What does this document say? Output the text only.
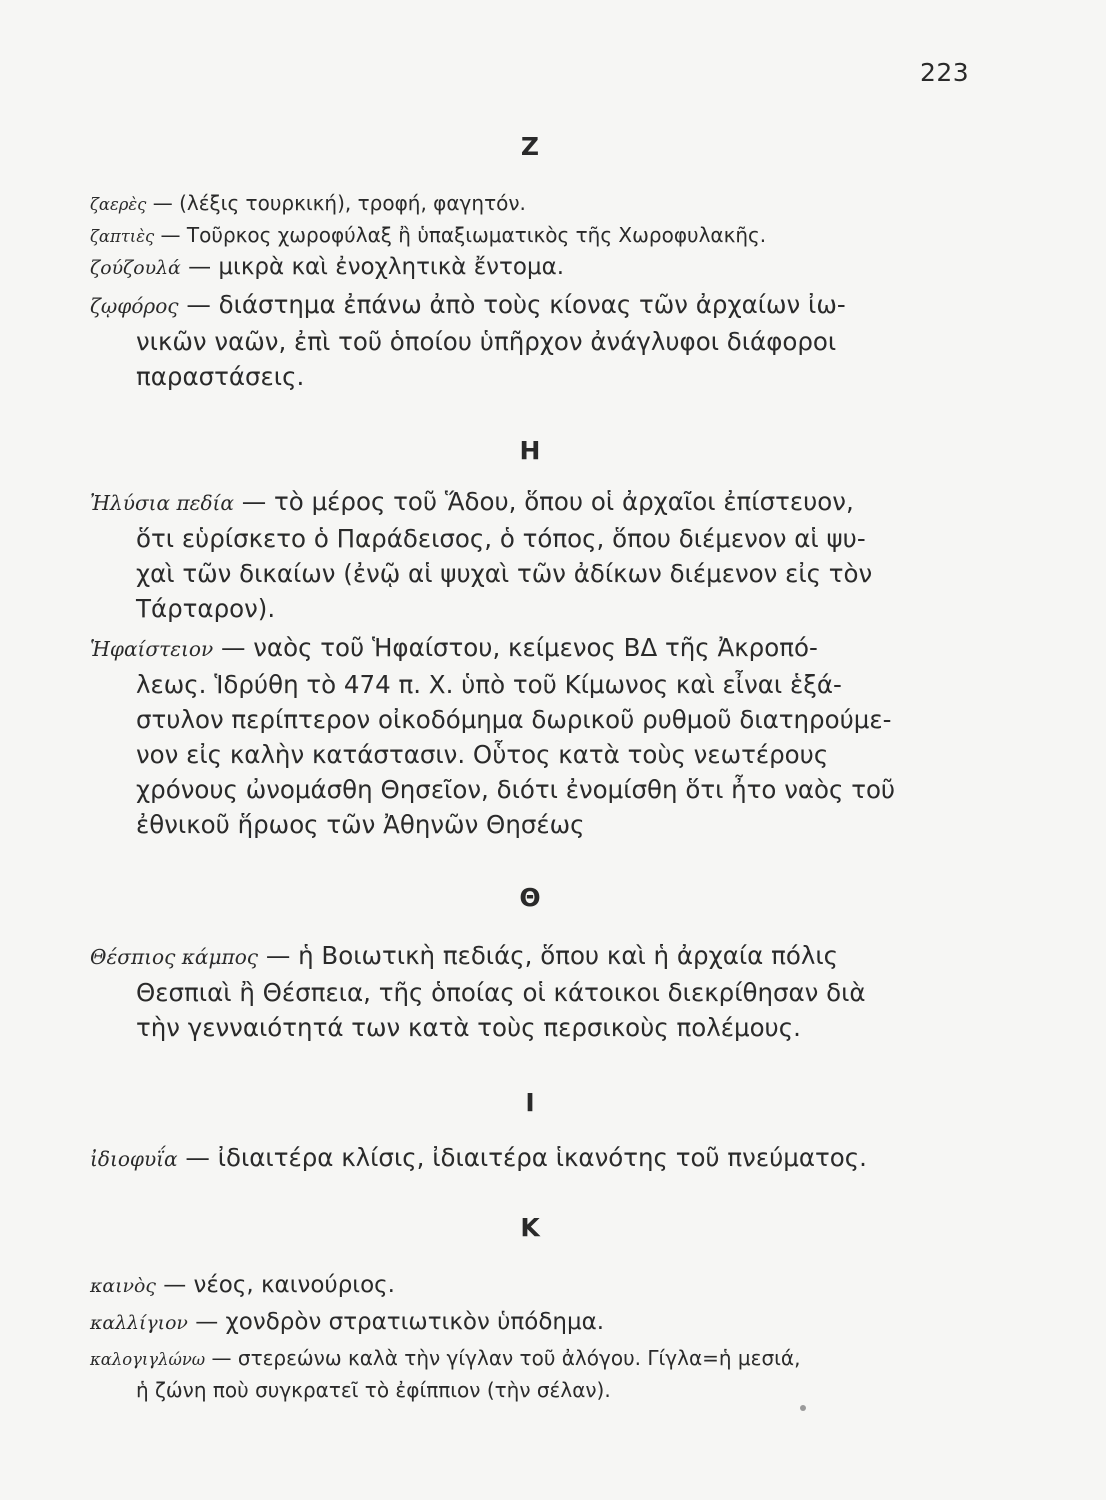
223
Ζ
ζαερὲς — (λέξις τουρκική), τροφή, φαγητόν.
ζαπτιὲς — Τοῦρκος χωροφύλαξ ἢ ὑπαξιωματικὸς τῆς Χωροφυλακῆς.
ζούζουλά — μικρὰ καὶ ἐνοχλητικὰ ἔντομα.
ζῳφόρος — διάστημα ἐπάνω ἀπὸ τοὺς κίονας τῶν ἀρχαίων ἰω-
νικῶν ναῶν, ἐπὶ τοῦ ὁποίου ὑπῆρχον ἀνάγλυφοι διάφοροι
παραστάσεις.
Η
Ἠλύσια πεδία — τὸ μέρος τοῦ Ἅδου, ὅπου οἱ ἀρχαῖοι ἐπίστευον,
ὅτι εὑρίσκετο ὁ Παράδεισος, ὁ τόπος, ὅπου διέμενον αἱ ψυ-
χαὶ τῶν δικαίων (ἐνῷ αἱ ψυχαὶ τῶν ἀδίκων διέμενον εἰς τὸν
Τάρταρον).
Ἡφαίστειον — ναὸς τοῦ Ἡφαίστου, κείμενος ΒΔ τῆς Ἀκροπό-
λεως. Ἱδρύθη τὸ 474 π. Χ. ὑπὸ τοῦ Κίμωνος καὶ εἶναι ἑξά-
στυλον περίπτερον οἰκοδόμημα δωρικοῦ ρυθμοῦ διατηρούμε-
νον εἰς καλὴν κατάστασιν. Οὗτος κατὰ τοὺς νεωτέρους
χρόνους ὠνομάσθη Θησεῖον, διότι ἐνομίσθη ὅτι ἦτο ναὸς τοῦ
ἐθνικοῦ ἥρωος τῶν Ἀθηνῶν Θησέως
Θ
Θέσπιος κάμπος — ἡ Βοιωτικὴ πεδιάς, ὅπου καὶ ἡ ἀρχαία πόλις
Θεσπιαὶ ἢ Θέσπεια, τῆς ὁποίας οἱ κάτοικοι διεκρίθησαν διὰ
τὴν γενναιότητά των κατὰ τοὺς περσικοὺς πολέμους.
Ι
ἰδιοφυΐα — ἰδιαιτέρα κλίσις, ἰδιαιτέρα ἱκανότης τοῦ πνεύματος.
Κ
καινὸς — νέος, καινούριος.
καλλίγιον — χονδρὸν στρατιωτικὸν ὑπόδημα.
καλογιγλώνω — στερεώνω καλὰ τὴν γίγλαν τοῦ ἀλόγου. Γίγλα=ἡ μεσιά,
ἡ ζώνη ποὺ συγκρατεῖ τὸ ἐφίππιον (τὴν σέλαν).
